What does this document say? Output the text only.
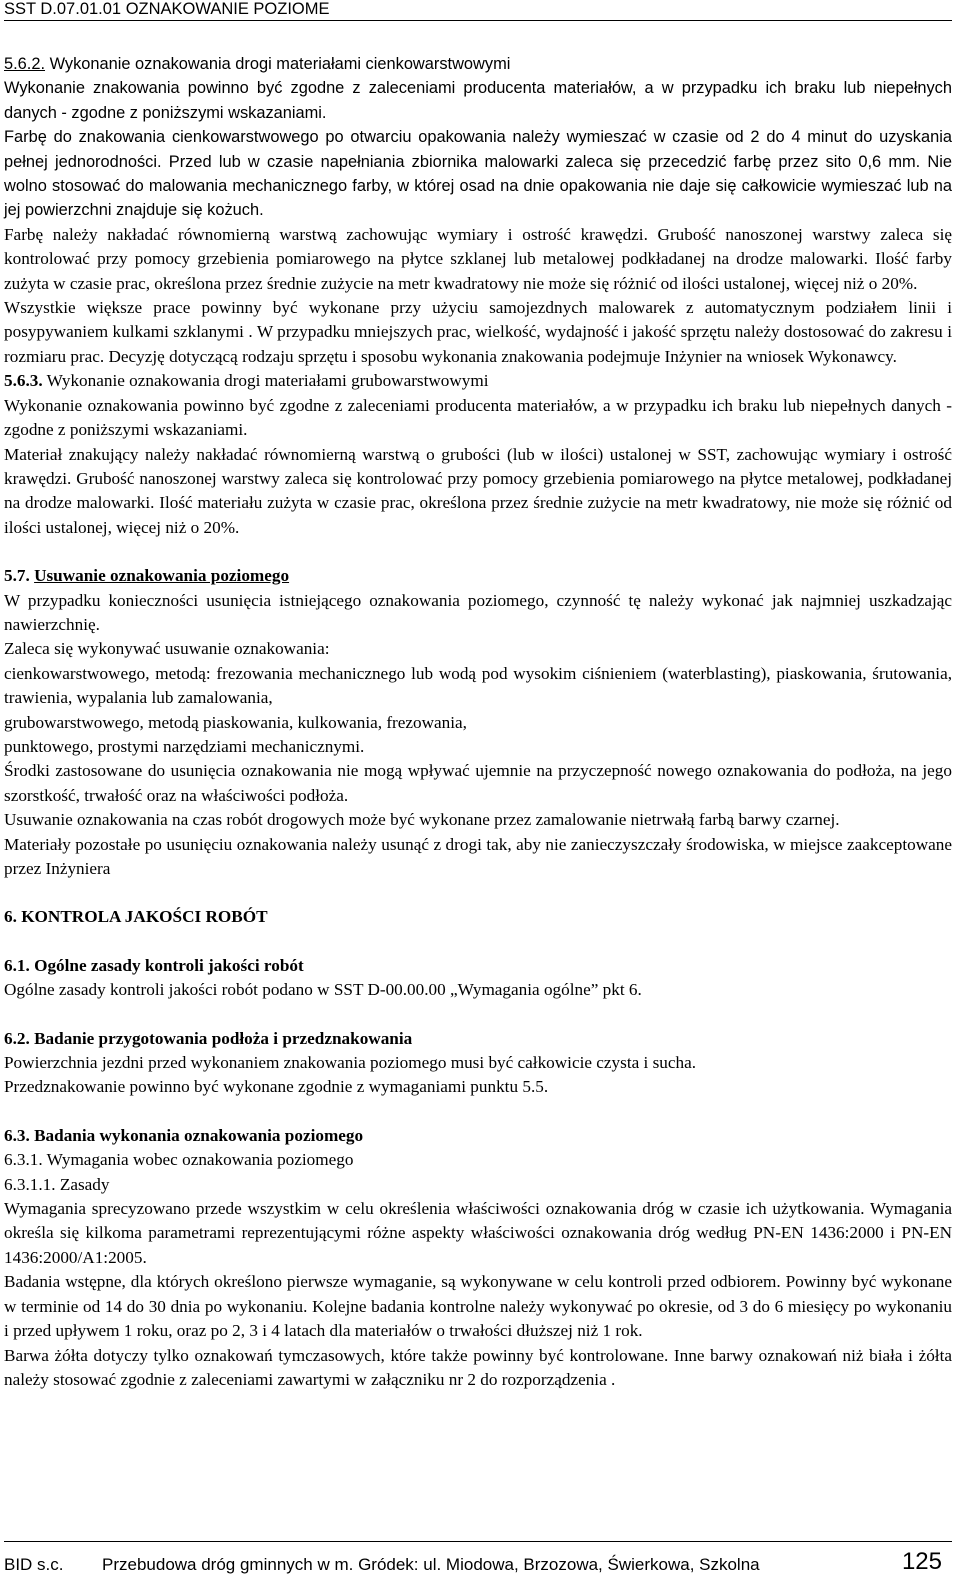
SST D.07.01.01 OZNAKOWANIE POZIOME

5.6.2. Wykonanie oznakowania drogi materiałami cienkowarstwowymi

Wykonanie znakowania powinno być zgodne z zaleceniami producenta materiałów, a w przypadku ich braku lub niepełnych danych - zgodne z poniższymi wskazaniami.

Farbę do znakowania cienkowarstwowego po otwarciu opakowania należy wymieszać w czasie od 2 do 4 minut do uzyskania pełnej jednorodności. Przed lub w czasie napełniania zbiornika malowarki zaleca się przecedzić farbę przez sito 0,6 mm. Nie wolno stosować do malowania mechanicznego farby, w której osad na dnie opakowania nie daje się całkowicie wymieszać lub na jej powierzchni znajduje się kożuch.

Farbę należy nakładać równomierną warstwą zachowując wymiary i ostrość krawędzi. Grubość nanoszonej warstwy zaleca się kontrolować przy pomocy grzebienia pomiarowego na płytce szklanej lub metalowej podkładanej na drodze malowarki. Ilość farby zużyta w czasie prac, określona przez średnie zużycie na metr kwadratowy nie może się różnić od ilości ustalonej, więcej niż o 20%.

Wszystkie większe prace powinny być wykonane przy użyciu samojezdnych malowarek z automatycznym podziałem linii i posypywaniem kulkami szklanymi . W przypadku mniejszych prac, wielkość, wydajność i jakość sprzętu należy dostosować do zakresu i rozmiaru prac. Decyzję dotyczącą rodzaju sprzętu i sposobu wykonania znakowania podejmuje Inżynier na wniosek Wykonawcy.

5.6.3. Wykonanie oznakowania drogi materiałami grubowarstwowymi

Wykonanie oznakowania powinno być zgodne z zaleceniami producenta materiałów, a w przypadku ich braku lub niepełnych danych - zgodne z poniższymi wskazaniami.

Materiał znakujący należy nakładać równomierną warstwą o grubości (lub w ilości) ustalonej w SST, zachowując wymiary i ostrość krawędzi. Grubość nanoszonej warstwy zaleca się kontrolować przy pomocy grzebienia pomiarowego na płytce metalowej, podkładanej na drodze malowarki. Ilość materiału zużyta w czasie prac, określona przez średnie zużycie na metr kwadratowy, nie może się różnić od ilości ustalonej, więcej niż o 20%.

5.7. Usuwanie oznakowania poziomego

W przypadku konieczności usunięcia istniejącego oznakowania poziomego, czynność tę należy wykonać jak najmniej uszkadzając nawierzchnię.

Zaleca się wykonywać usuwanie oznakowania:

cienkowarstwowego, metodą: frezowania mechanicznego lub wodą pod wysokim ciśnieniem (waterblasting), piaskowania, śrutowania, trawienia, wypalania lub zamalowania,

grubowarstwowego, metodą piaskowania, kulkowania, frezowania,

punktowego, prostymi narzędziami mechanicznymi.

Środki zastosowane do usunięcia oznakowania nie mogą wpływać ujemnie na przyczepność nowego oznakowania do podłoża, na jego szorstkość, trwałość oraz na właściwości podłoża.

Usuwanie oznakowania na czas robót drogowych może być wykonane przez zamalowanie nietrwałą farbą barwy czarnej.

Materiały pozostałe po usunięciu oznakowania należy usunąć z drogi tak, aby nie zanieczyszczały środowiska, w miejsce zaakceptowane przez Inżyniera

6. KONTROLA JAKOŚCI ROBÓT

6.1. Ogólne zasady kontroli jakości robót

Ogólne zasady kontroli jakości robót podano w SST D-00.00.00 „Wymagania ogólne” pkt 6.

6.2. Badanie przygotowania podłoża i przedznakowania

Powierzchnia jezdni przed wykonaniem znakowania poziomego musi być całkowicie czysta i sucha.

Przedznakowanie powinno być wykonane zgodnie z wymaganiami punktu 5.5.

6.3. Badania wykonania oznakowania poziomego

6.3.1. Wymagania wobec oznakowania poziomego

6.3.1.1. Zasady

Wymagania sprecyzowano przede wszystkim w celu określenia właściwości oznakowania dróg w czasie ich użytkowania. Wymagania określa się kilkoma parametrami reprezentującymi różne aspekty właściwości oznakowania dróg według PN-EN 1436:2000 i PN-EN 1436:2000/A1:2005.

Badania wstępne, dla których określono pierwsze wymaganie, są wykonywane w celu kontroli przed odbiorem. Powinny być wykonane w terminie od 14 do 30 dnia po wykonaniu. Kolejne badania kontrolne należy wykonywać po okresie, od 3 do 6 miesięcy po wykonaniu i przed upływem 1 roku, oraz po 2, 3 i 4 latach dla materiałów o trwałości dłuższej niż 1 rok.

Barwa żółta dotyczy tylko oznakowań tymczasowych, które także powinny być kontrolowane. Inne barwy oznakowań niż biała i żółta należy stosować zgodnie z zaleceniami zawartymi w załączniku nr 2 do rozporządzenia .

BID s.c. Przebudowa dróg gminnych w m. Gródek: ul. Miodowa, Brzozowa, Świerkowa, Szkolna	125
